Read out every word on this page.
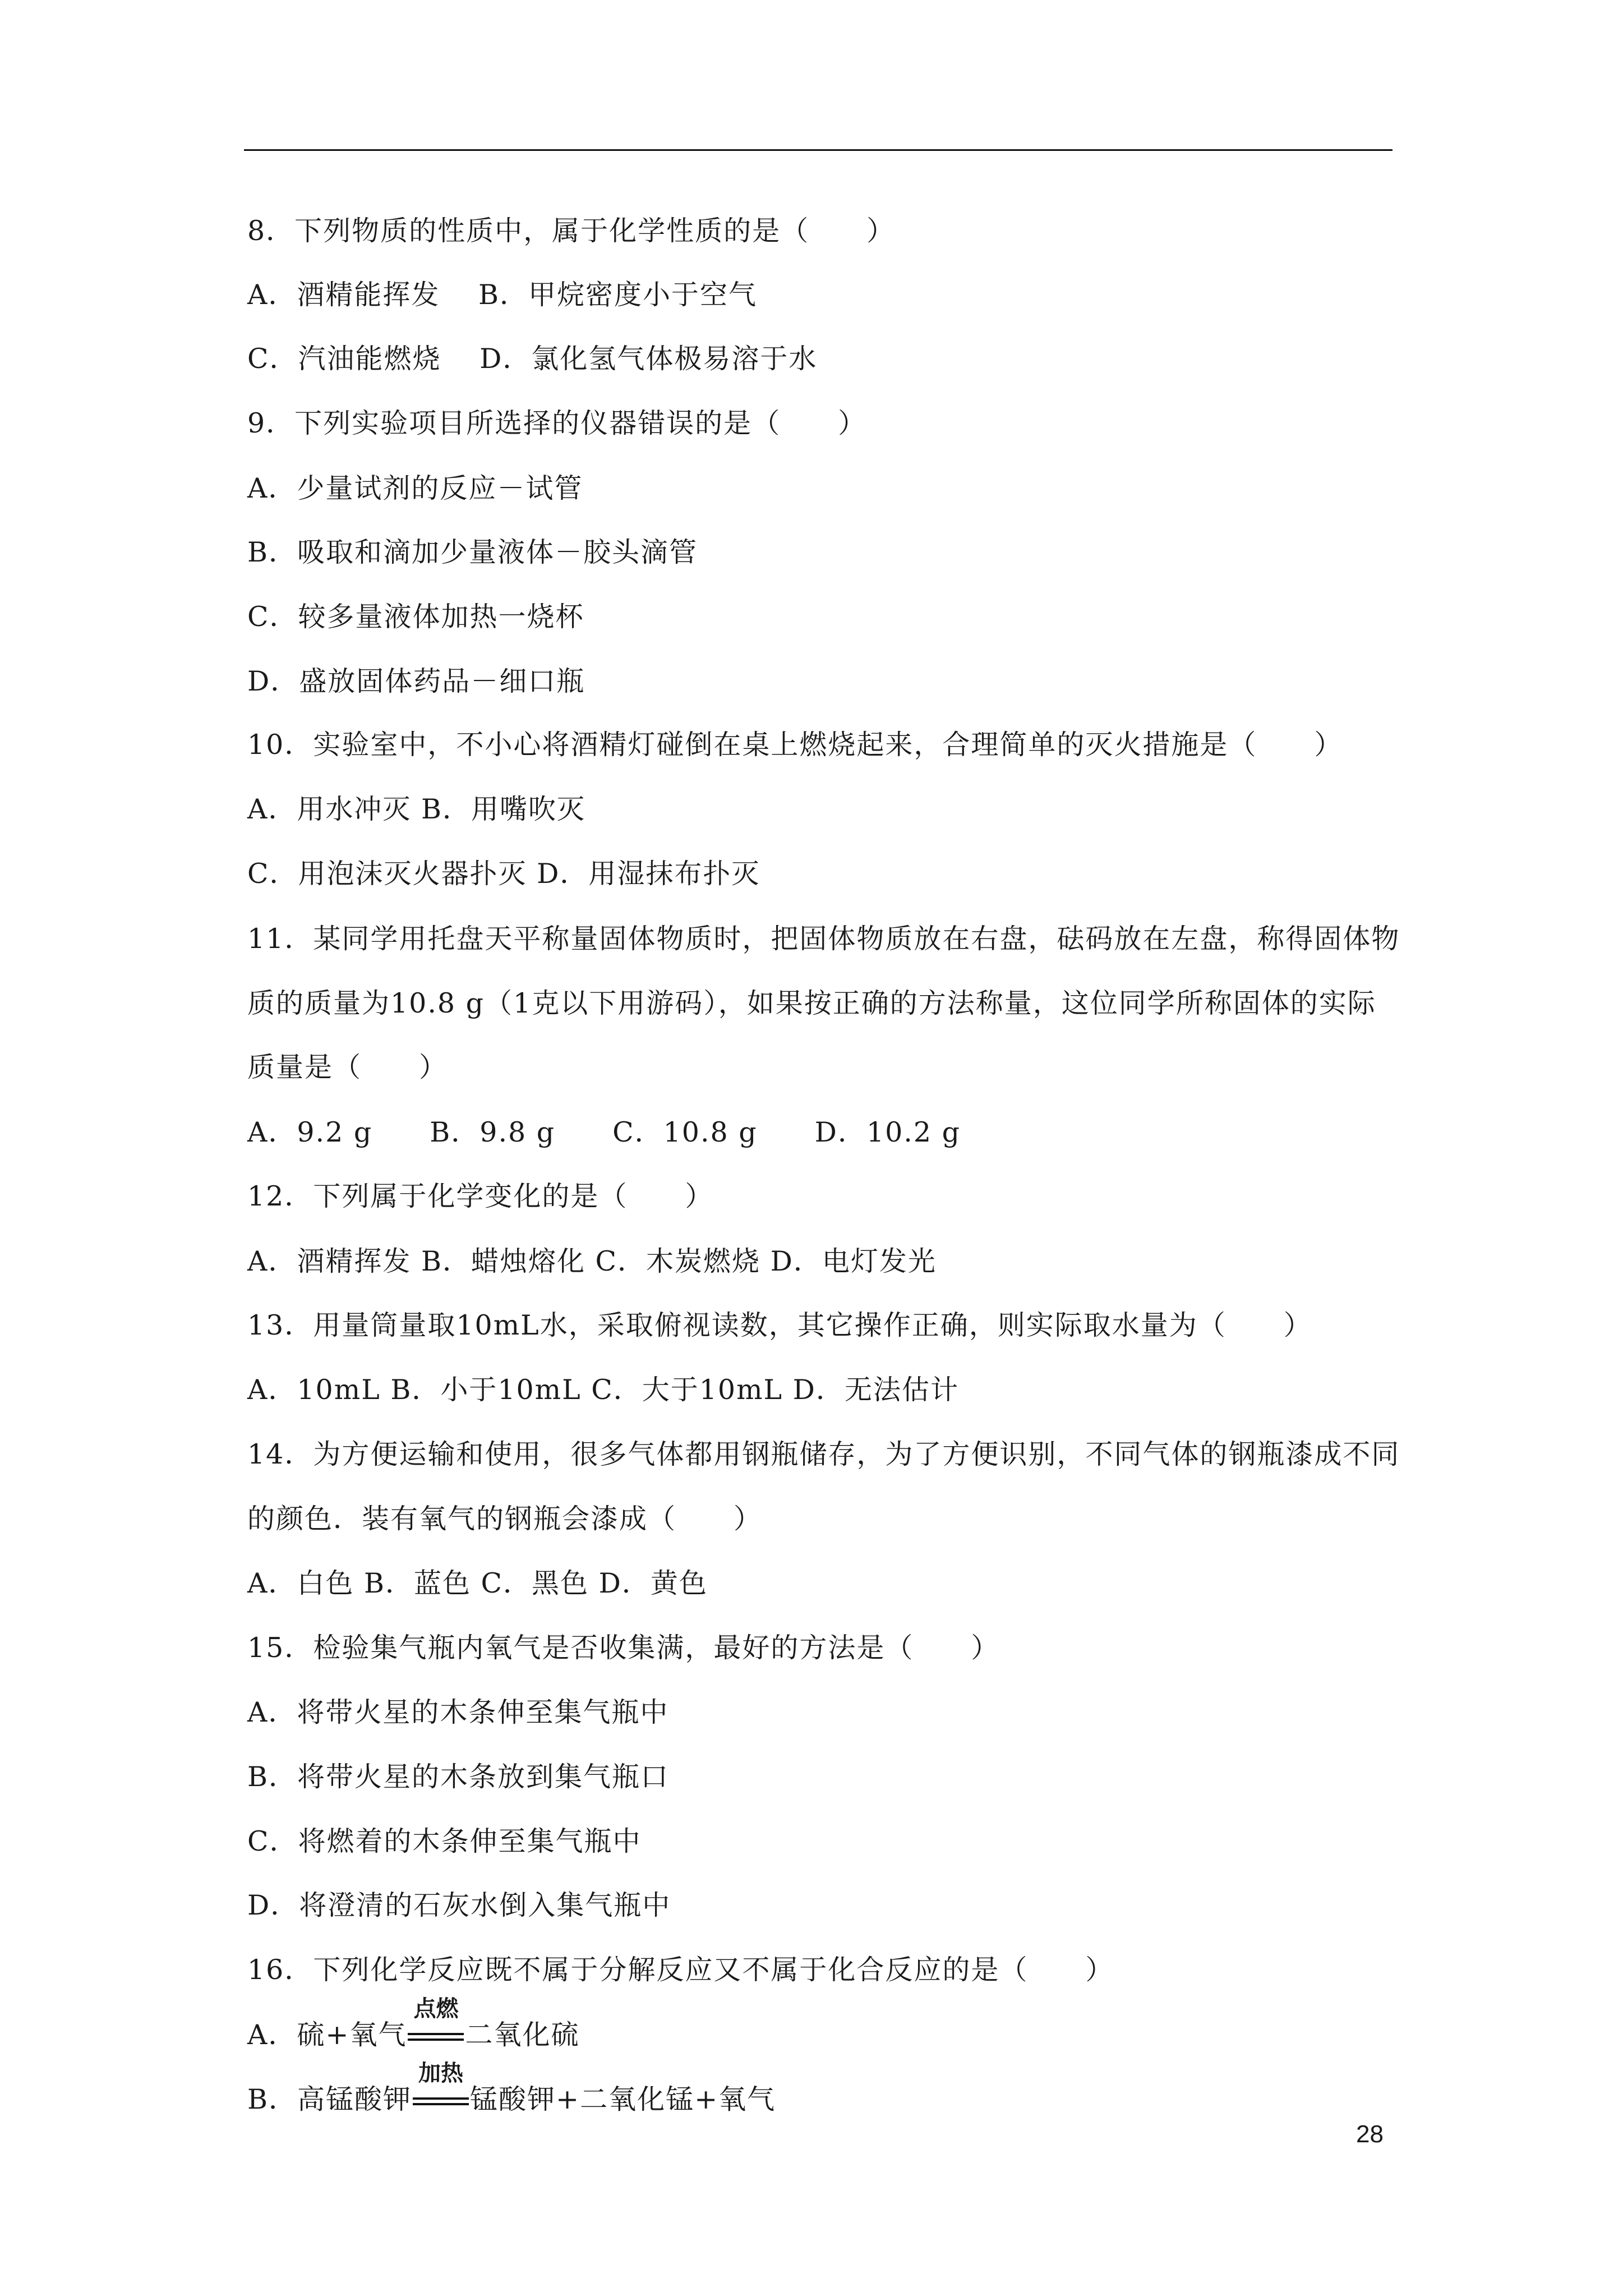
8．下列物质的性质中，属于化学性质的是（　　）
A．酒精能挥发　 B．甲烷密度小于空气
C．汽油能燃烧　 D．氯化氢气体极易溶于水
9．下列实验项目所选择的仪器错误的是（　　）
A．少量试剂的反应－试管
B．吸取和滴加少量液体－胶头滴管
C．较多量液体加热一烧杯
D．盛放固体药品－细口瓶
10．实验室中，不小心将酒精灯碰倒在桌上燃烧起来，合理简单的灭火措施是（　　）
A．用水冲灭 B．用嘴吹灭
C．用泡沫灭火器扑灭 D．用湿抹布扑灭
11．某同学用托盘天平称量固体物质时，把固体物质放在右盘，砝码放在左盘，称得固体物
质的质量为10.8 g（1克以下用游码），如果按正确的方法称量，这位同学所称固体的实际
质量是（　　）
A．9.2 g　　B．9.8 g　　C．10.8 g　　D．10.2 g
12．下列属于化学变化的是（　　）
A．酒精挥发 B．蜡烛熔化 C．木炭燃烧 D．电灯发光
13．用量筒量取10mL水，采取俯视读数，其它操作正确，则实际取水量为（　　）
A．10mL B．小于10mL C．大于10mL D．无法估计
14．为方便运输和使用，很多气体都用钢瓶储存，为了方便识别，不同气体的钢瓶漆成不同
的颜色．装有氧气的钢瓶会漆成（　　）
A．白色 B．蓝色 C．黑色 D．黄色
15．检验集气瓶内氧气是否收集满，最好的方法是（　　）
A．将带火星的木条伸至集气瓶中
B．将带火星的木条放到集气瓶口
C．将燃着的木条伸至集气瓶中
D．将澄清的石灰水倒入集气瓶中
16．下列化学反应既不属于分解反应又不属于化合反应的是（　　）
A．硫+氧气
点燃
二氧化硫
B．高锰酸钾
加热
锰酸钾+二氧化锰+氧气
28
